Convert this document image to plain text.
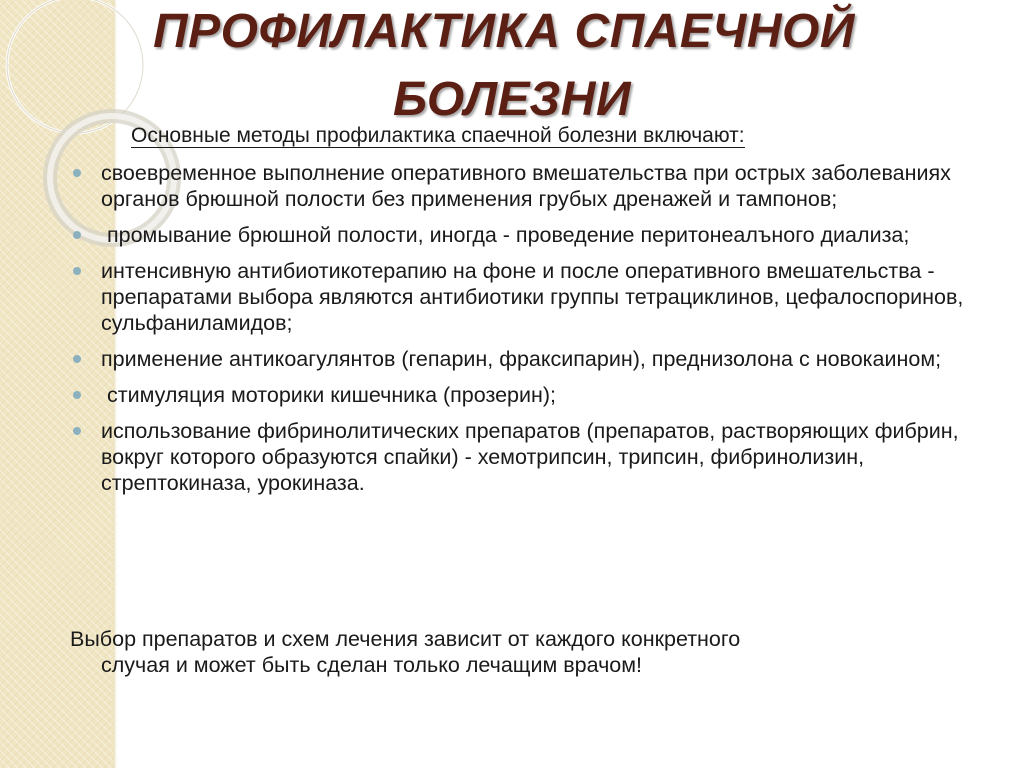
ПРОФИЛАКТИКА СПАЕЧНОЙ
БОЛЕЗНИ
Основные методы профилактика спаечной болезни включают:
своевременное выполнение оперативного вмешательства при острых заболеваниях органов брюшной полости без применения грубых дренажей и тампонов;
промывание брюшной полости, иногда - проведение перитонеалъного диализа;
интенсивную антибиотикотерапию на фоне и после оперативного вмешательства - препаратами выбора являются антибиотики группы тетрациклинов, цефалоспоринов, сульфаниламидов;
применение антикоагулянтов (гепарин, фраксипарин), преднизолона с новокаином;
стимуляция моторики кишечника (прозерин);
использование фибринолитических препаратов (препаратов, растворяющих фибрин, вокруг которого образуются спайки) - хемотрипсин, трипсин, фибринолизин, стрептокиназа, урокиназа.
Выбор препаратов и схем лечения зависит от каждого конкретного
случая и может быть сделан только лечащим врачом!
